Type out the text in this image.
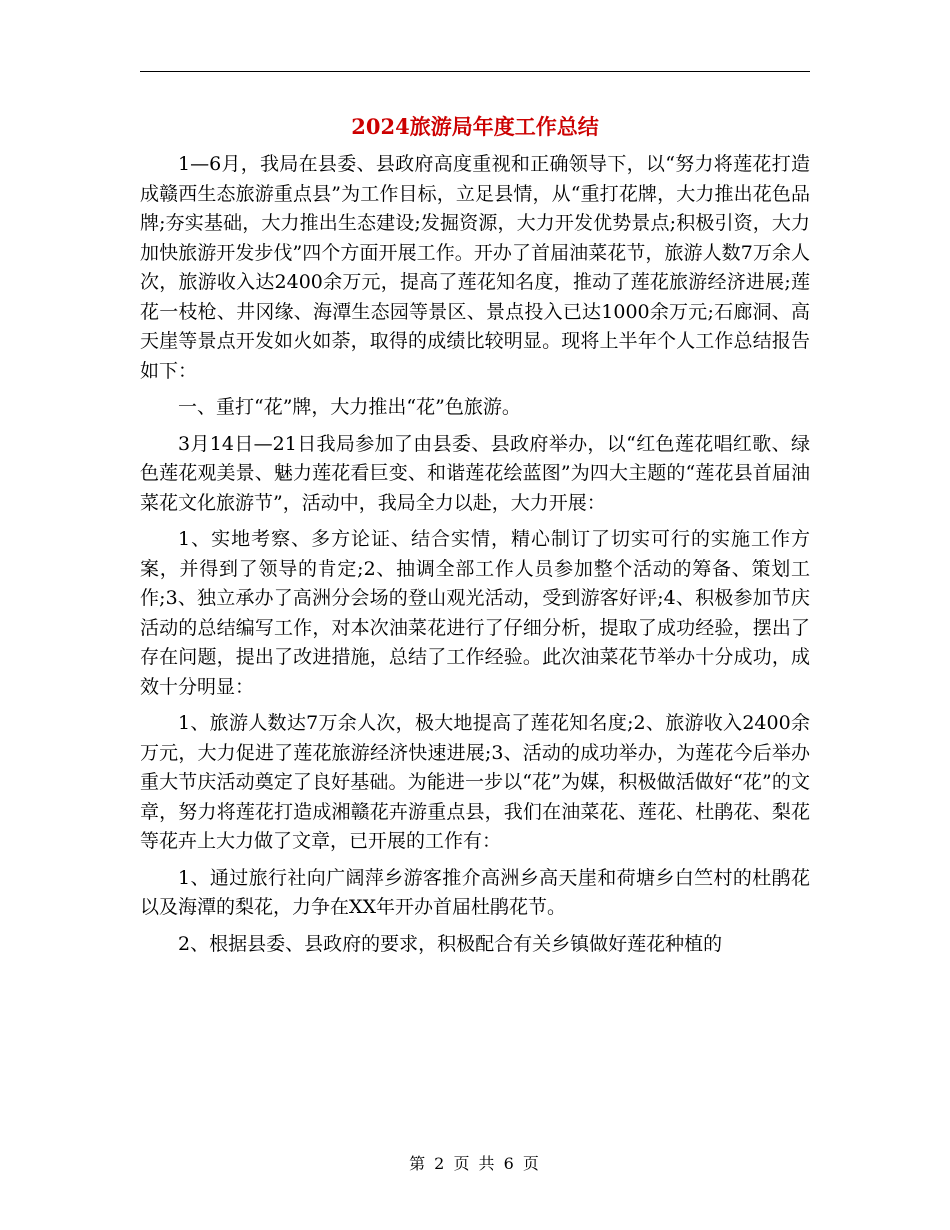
2024旅游局年度工作总结

1—6月，我局在县委、县政府高度重视和正确领导下，以“努力将莲花打造成赣西生态旅游重点县”为工作目标，立足县情，从“重打花牌，大力推出花色品牌;夯实基础，大力推出生态建设;发掘资源，大力开发优势景点;积极引资，大力加快旅游开发步伐”四个方面开展工作。开办了首届油菜花节，旅游人数7万余人次，旅游收入达2400余万元，提高了莲花知名度，推动了莲花旅游经济进展;莲花一枝枪、井冈缘、海潭生态园等景区、景点投入已达1000余万元;石廊洞、高天崖等景点开发如火如荼，取得的成绩比较明显。现将上半年个人工作总结报告如下：

一、重打“花”牌，大力推出“花”色旅游。

3月14日—21日我局参加了由县委、县政府举办，以“红色莲花唱红歌、绿色莲花观美景、魅力莲花看巨变、和谐莲花绘蓝图”为四大主题的“莲花县首届油菜花文化旅游节”，活动中，我局全力以赴，大力开展：

1、实地考察、多方论证、结合实情，精心制订了切实可行的实施工作方案，并得到了领导的肯定;2、抽调全部工作人员参加整个活动的筹备、策划工作;3、独立承办了高洲分会场的登山观光活动，受到游客好评;4、积极参加节庆活动的总结编写工作，对本次油菜花进行了仔细分析，提取了成功经验，摆出了存在问题，提出了改进措施，总结了工作经验。此次油菜花节举办十分成功，成效十分明显：

1、旅游人数达7万余人次，极大地提高了莲花知名度;2、旅游收入2400余万元，大力促进了莲花旅游经济快速进展;3、活动的成功举办，为莲花今后举办重大节庆活动奠定了良好基础。为能进一步以“花”为媒，积极做活做好“花”的文章，努力将莲花打造成湘赣花卉游重点县，我们在油菜花、莲花、杜鹃花、梨花等花卉上大力做了文章，已开展的工作有：

1、通过旅行社向广阔萍乡游客推介高洲乡高天崖和荷塘乡白竺村的杜鹃花以及海潭的梨花，力争在XX年开办首届杜鹃花节。

2、根据县委、县政府的要求，积极配合有关乡镇做好莲花种植的

第 2 页 共 6 页
